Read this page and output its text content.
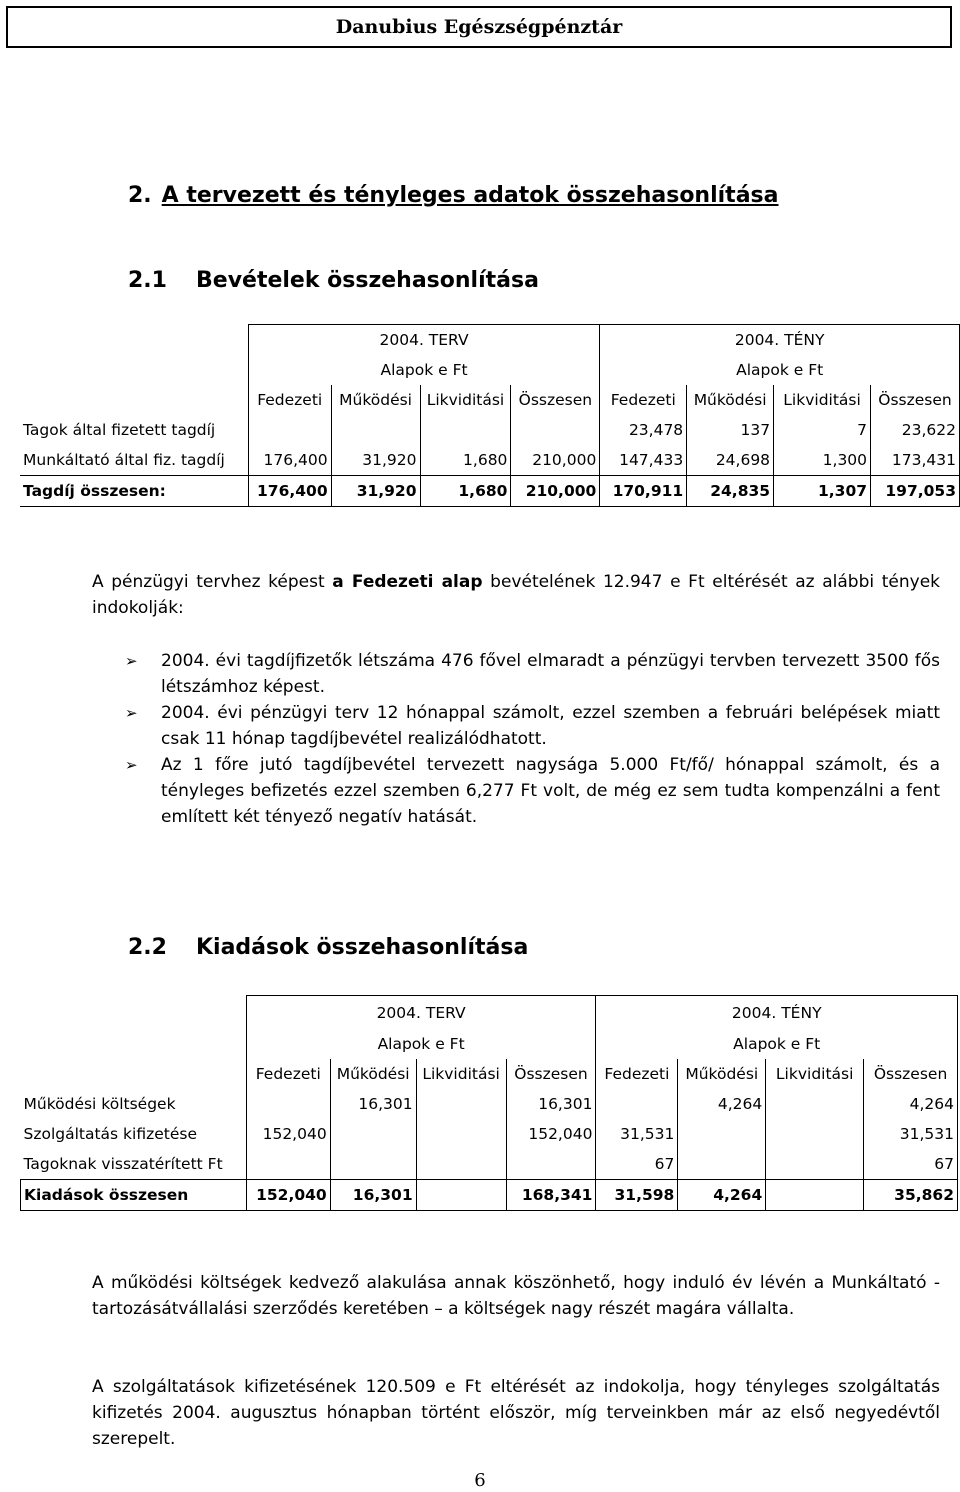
Danubius Egészségpénztár
2. A tervezett és tényleges adatok összehasonlítása
2.1 Bevételek összehasonlítása
	2004. TERV				2004. TÉNY			
	Alapok e Ft				Alapok e Ft			
	Fedezeti	Működési	Likviditási	Összesen	Fedezeti	Működési	Likviditási	Összesen
Tagok által fizetett tagdíj					23,478	137	7	23,622
Munkáltató által fiz. tagdíj	176,400	31,920	1,680	210,000	147,433	24,698	1,300	173,431
Tagdíj összesen:	176,400	31,920	1,680	210,000	170,911	24,835	1,307	197,053
A pénzügyi tervhez képest a Fedezeti alap bevételének 12.947 e Ft eltérését az alábbi tények indokolják:
➢ 2004. évi tagdíjfizetők létszáma 476 fővel elmaradt a pénzügyi tervben tervezett 3500 fős létszámhoz képest.
➢ 2004. évi pénzügyi terv 12 hónappal számolt, ezzel szemben a februári belépések miatt csak 11 hónap tagdíjbevétel realizálódhatott.
➢ Az 1 főre jutó tagdíjbevétel tervezett nagysága 5.000 Ft/fő/ hónappal számolt, és a tényleges befizetés ezzel szemben 6,277 Ft volt, de még ez sem tudta kompenzálni a fent említett két tényező negatív hatását.
2.2 Kiadások összehasonlítása
	2004. TERV				2004. TÉNY			
	Alapok e Ft				Alapok e Ft			
	Fedezeti	Működési	Likviditási	Összesen	Fedezeti	Működési	Likviditási	Összesen
Működési költségek		16,301		16,301		4,264		4,264
Szolgáltatás kifizetése	152,040			152,040	31,531			31,531
Tagoknak visszatérített Ft					67			67
Kiadások összesen	152,040	16,301		168,341	31,598	4,264		35,862
A működési költségek kedvező alakulása annak köszönhető, hogy induló év lévén a Munkáltató - tartozásátvállalási szerződés keretében – a költségek nagy részét magára vállalta.
A szolgáltatások kifizetésének 120.509 e Ft eltérését az indokolja, hogy tényleges szolgáltatás kifizetés 2004. augusztus hónapban történt először, míg terveinkben már az első negyedévtől szerepelt.
6
